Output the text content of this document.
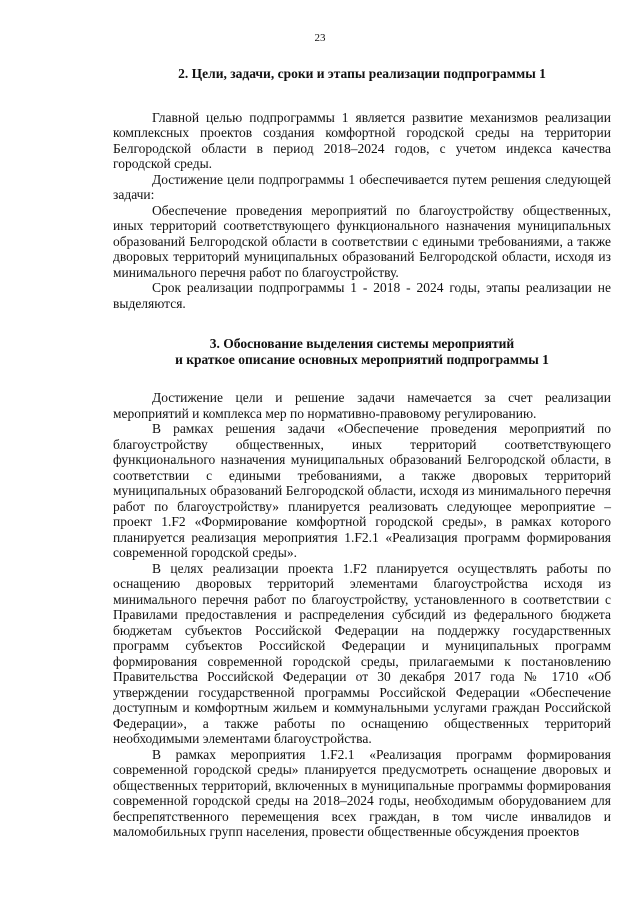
23
2. Цели, задачи, сроки и этапы реализации подпрограммы 1

Главной целью подпрограммы 1 является развитие механизмов реализации комплексных проектов создания комфортной городской среды на территории Белгородской области в период 2018–2024 годов, с учетом индекса качества городской среды.

Достижение цели подпрограммы 1 обеспечивается путем решения следующей задачи:

Обеспечение проведения мероприятий по благоустройству общественных, иных территорий соответствующего функционального назначения муниципальных образований Белгородской области в соответствии с едиными требованиями, а также дворовых территорий муниципальных образований Белгородской области, исходя из минимального перечня работ по благоустройству.

Срок реализации подпрограммы 1 - 2018 - 2024 годы, этапы реализации не выделяются.

3. Обоснование выделения системы мероприятий
и краткое описание основных мероприятий подпрограммы 1

Достижение цели и решение задачи намечается за счет реализации мероприятий и комплекса мер по нормативно-правовому регулированию.

В рамках решения задачи «Обеспечение проведения мероприятий по благоустройству общественных, иных территорий соответствующего функционального назначения муниципальных образований Белгородской области, в соответствии с едиными требованиями, а также дворовых территорий муниципальных образований Белгородской области, исходя из минимального перечня работ по благоустройству» планируется реализовать следующее мероприятие – проект 1.F2 «Формирование комфортной городской среды», в рамках которого планируется реализация мероприятия 1.F2.1 «Реализация программ формирования современной городской среды».

В целях реализации проекта 1.F2 планируется осуществлять работы по оснащению дворовых территорий элементами благоустройства исходя из минимального перечня работ по благоустройству, установленного в соответствии с Правилами предоставления и распределения субсидий из федерального бюджета бюджетам субъектов Российской Федерации на поддержку государственных программ субъектов Российской Федерации и муниципальных программ формирования современной городской среды, прилагаемыми к постановлению Правительства Российской Федерации от 30 декабря 2017 года № 1710 «Об утверждении государственной программы Российской Федерации «Обеспечение доступным и комфортным жильем и коммунальными услугами граждан Российской Федерации», а также работы по оснащению общественных территорий необходимыми элементами благоустройства.

В рамках мероприятия 1.F2.1 «Реализация программ формирования современной городской среды» планируется предусмотреть оснащение дворовых и общественных территорий, включенных в муниципальные программы формирования современной городской среды на 2018–2024 годы, необходимым оборудованием для беспрепятственного перемещения всех граждан, в том числе инвалидов и маломобильных групп населения, провести общественные обсуждения проектов
